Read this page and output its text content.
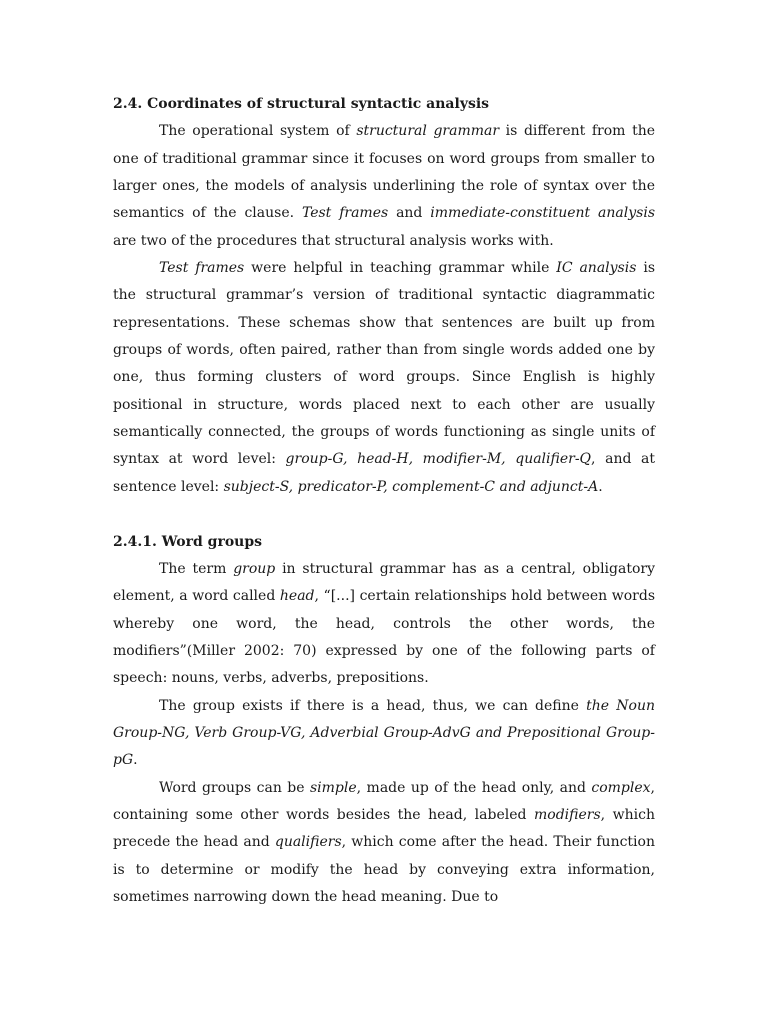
2.4. Coordinates of structural syntactic analysis

The operational system of structural grammar is different from the one of traditional grammar since it focuses on word groups from smaller to larger ones, the models of analysis underlining the role of syntax over the semantics of the clause. Test frames and immediate-constituent analysis are two of the procedures that structural analysis works with.

Test frames were helpful in teaching grammar while IC analysis is the structural grammar’s version of traditional syntactic diagrammatic representations. These schemas show that sentences are built up from groups of words, often paired, rather than from single words added one by one, thus forming clusters of word groups. Since English is highly positional in structure, words placed next to each other are usually semantically connected, the groups of words functioning as single units of syntax at word level: group-G, head-H, modifier-M, qualifier-Q, and at sentence level: subject-S, predicator-P, complement-C and adjunct-A.

2.4.1. Word groups

The term group in structural grammar has as a central, obligatory element, a word called head, “[...] certain relationships hold between words whereby one word, the head, controls the other words, the modifiers”(Miller 2002: 70) expressed by one of the following parts of speech: nouns, verbs, adverbs, prepositions.

The group exists if there is a head, thus, we can define the Noun Group-NG, Verb Group-VG, Adverbial Group-AdvG and Prepositional Group-pG.

Word groups can be simple, made up of the head only, and complex, containing some other words besides the head, labeled modifiers, which precede the head and qualifiers, which come after the head. Their function is to determine or modify the head by conveying extra information, sometimes narrowing down the head meaning. Due to
